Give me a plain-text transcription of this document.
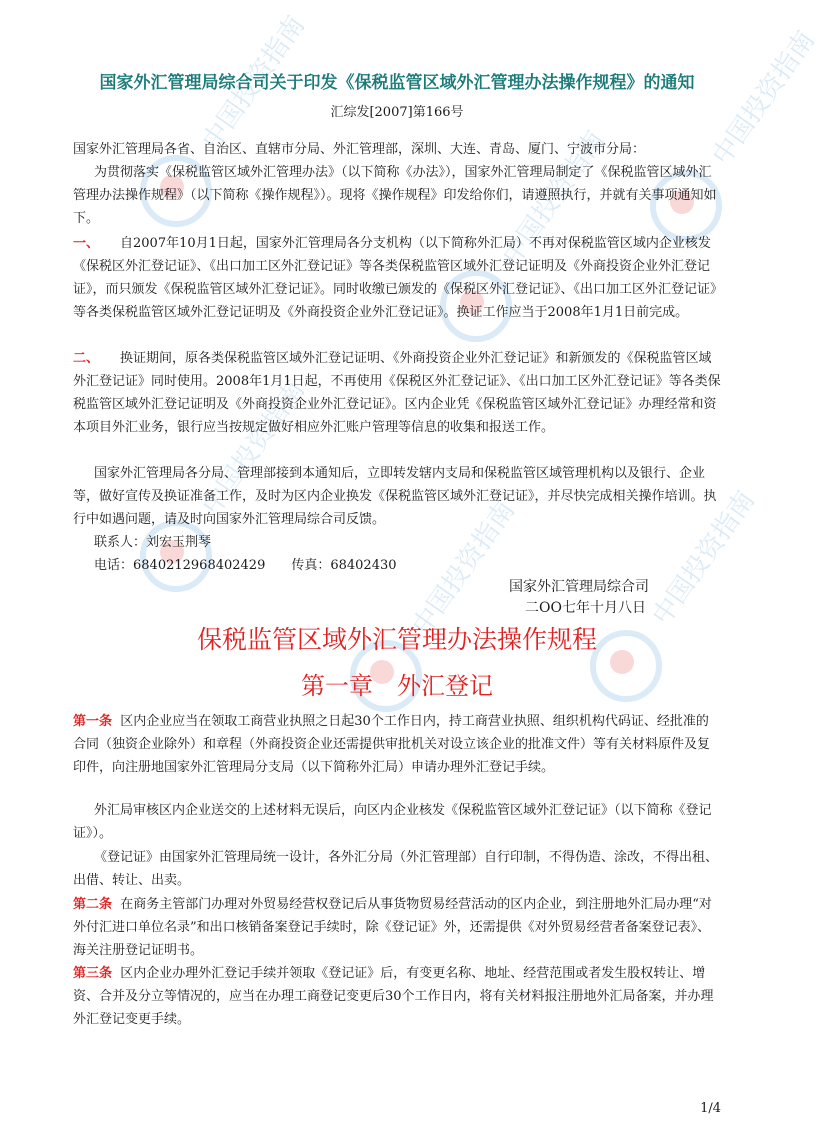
中国投资指南
中国投资指南
中国投资指南
中国投资指南
中国投资指南	中国投资指南
国家外汇管理局综合司关于印发《保税监管区域外汇管理办法操作规程》的通知
汇综发[2007]第166号
国家外汇管理局各省、自治区、直辖市分局、外汇管理部，深圳、大连、青岛、厦门、宁波市分局：
为贯彻落实《保税监管区域外汇管理办法》（以下简称《办法》），国家外汇管理局制定了《保税监管区域外汇管理办法操作规程》（以下简称《操作规程》）。现将《操作规程》印发给你们，请遵照执行，并就有关事项通知如下。
一、 自2007年10月1日起，国家外汇管理局各分支机构（以下简称外汇局）不再对保税监管区域内企业核发《保税区外汇登记证》、《出口加工区外汇登记证》等各类保税监管区域外汇登记证明及《外商投资企业外汇登记证》，而只颁发《保税监管区域外汇登记证》。同时收缴已颁发的《保税区外汇登记证》、《出口加工区外汇登记证》等各类保税监管区域外汇登记证明及《外商投资企业外汇登记证》。换证工作应当于2008年1月1日前完成。
二、 换证期间，原各类保税监管区域外汇登记证明、《外商投资企业外汇登记证》和新颁发的《保税监管区域外汇登记证》同时使用。2008年1月1日起，不再使用《保税区外汇登记证》、《出口加工区外汇登记证》等各类保税监管区域外汇登记证明及《外商投资企业外汇登记证》。区内企业凭《保税监管区域外汇登记证》办理经常和资本项目外汇业务，银行应当按规定做好相应外汇账户管理等信息的收集和报送工作。
国家外汇管理局各分局、管理部接到本通知后，立即转发辖内支局和保税监管区域管理机构以及银行、企业等，做好宣传及换证准备工作，及时为区内企业换发《保税监管区域外汇登记证》，并尽快完成相关操作培训。执行中如遇问题，请及时向国家外汇管理局综合司反馈。
联系人：刘宏玉荆琴
电话：6840212968402429　　传真：68402430
国家外汇管理局综合司
二OO七年十月八日
保税监管区域外汇管理办法操作规程
第一章　外汇登记
第一条 区内企业应当在领取工商营业执照之日起30个工作日内，持工商营业执照、组织机构代码证、经批准的合同（独资企业除外）和章程（外商投资企业还需提供审批机关对设立该企业的批准文件）等有关材料原件及复印件，向注册地国家外汇管理局分支局（以下简称外汇局）申请办理外汇登记手续。
外汇局审核区内企业送交的上述材料无误后，向区内企业核发《保税监管区域外汇登记证》（以下简称《登记证》）。
《登记证》由国家外汇管理局统一设计，各外汇分局（外汇管理部）自行印制，不得伪造、涂改，不得出租、出借、转让、出卖。
第二条 在商务主管部门办理对外贸易经营权登记后从事货物贸易经营活动的区内企业，到注册地外汇局办理“对外付汇进口单位名录”和出口核销备案登记手续时，除《登记证》外，还需提供《对外贸易经营者备案登记表》、海关注册登记证明书。
第三条 区内企业办理外汇登记手续并领取《登记证》后，有变更名称、地址、经营范围或者发生股权转让、增资、合并及分立等情况的，应当在办理工商登记变更后30个工作日内，将有关材料报注册地外汇局备案，并办理外汇登记变更手续。
1/4
